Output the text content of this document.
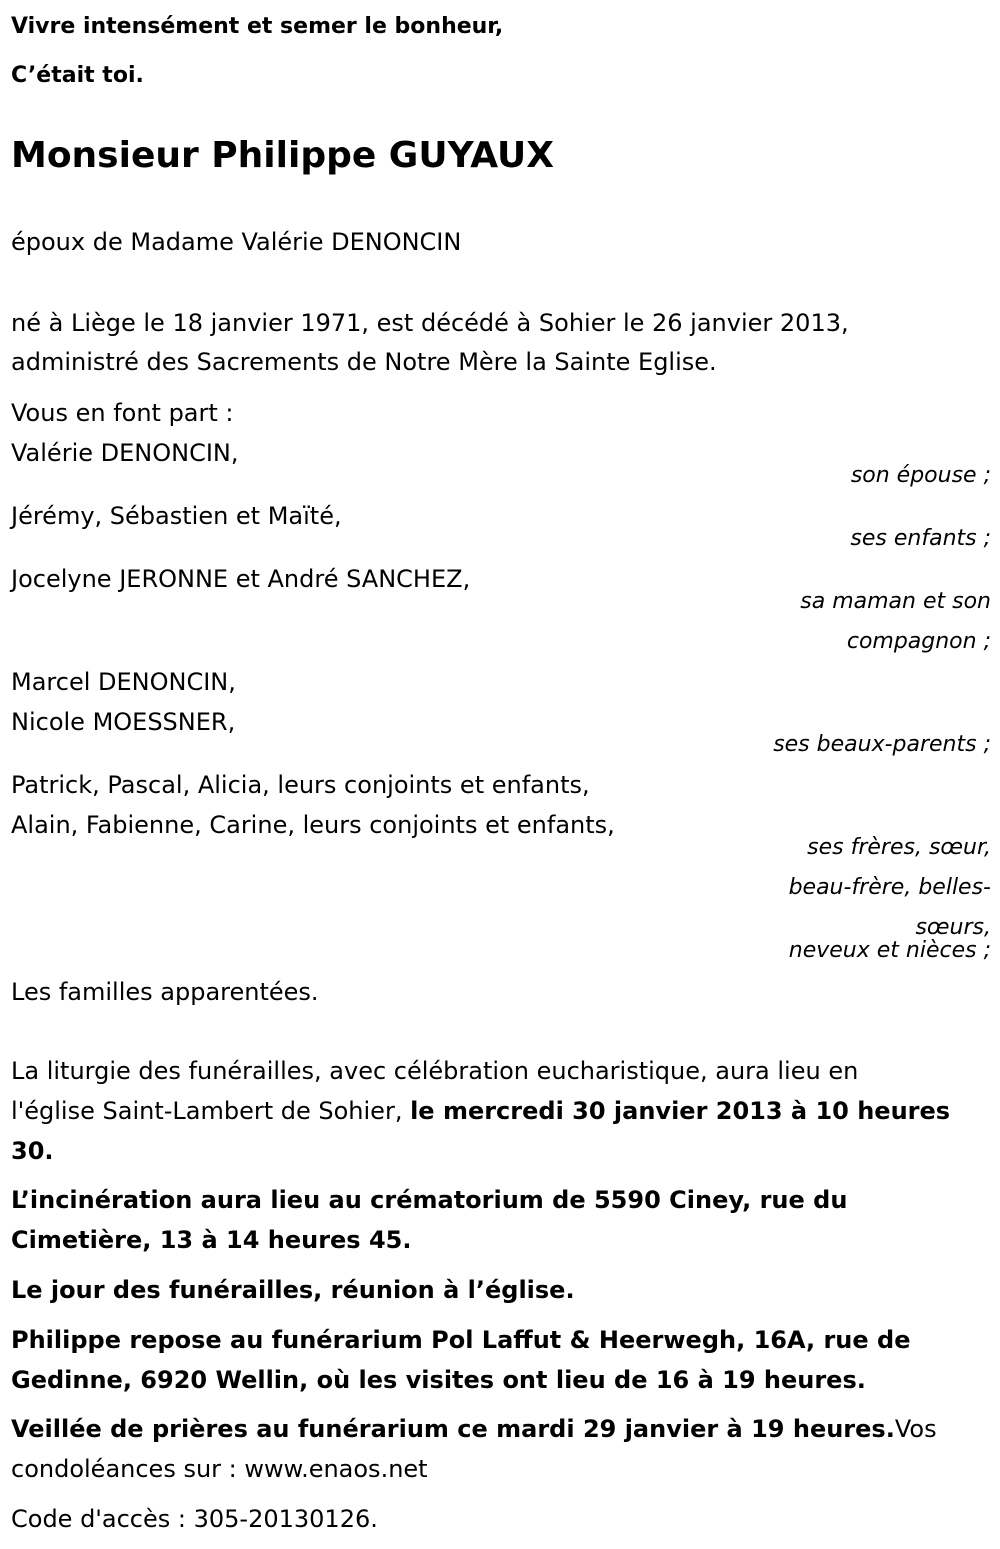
Vivre intensément et semer le bonheur,
C’était toi.
Monsieur Philippe GUYAUX
époux de Madame Valérie DENONCIN
né à Liège le 18 janvier 1971, est décédé à Sohier le 26 janvier 2013,
administré des Sacrements de Notre Mère la Sainte Eglise.
Vous en font part :
Valérie DENONCIN,
son épouse ;
Jérémy, Sébastien et Maïté,
ses enfants ;
Jocelyne JERONNE et André SANCHEZ,
sa maman et son
compagnon ;
Marcel DENONCIN,
Nicole MOESSNER,
ses beaux-parents ;
Patrick, Pascal, Alicia, leurs conjoints et enfants,
Alain, Fabienne, Carine, leurs conjoints et enfants,
ses frères, sœur,
beau-frère, belles-
sœurs,
neveux et nièces ;
Les familles apparentées.
La liturgie des funérailles, avec célébration eucharistique, aura lieu en
l'église Saint-Lambert de Sohier, le mercredi 30 janvier 2013 à 10 heures
30.
L’incinération aura lieu au crématorium de 5590 Ciney, rue du
Cimetière, 13 à 14 heures 45.
Le jour des funérailles, réunion à l’église.
Philippe repose au funérarium Pol Laffut & Heerwegh, 16A, rue de
Gedinne, 6920 Wellin, où les visites ont lieu de 16 à 19 heures.
Veillée de prières au funérarium ce mardi 29 janvier à 19 heures.Vos
condoléances sur : www.enaos.net
Code d'accès : 305-20130126.
